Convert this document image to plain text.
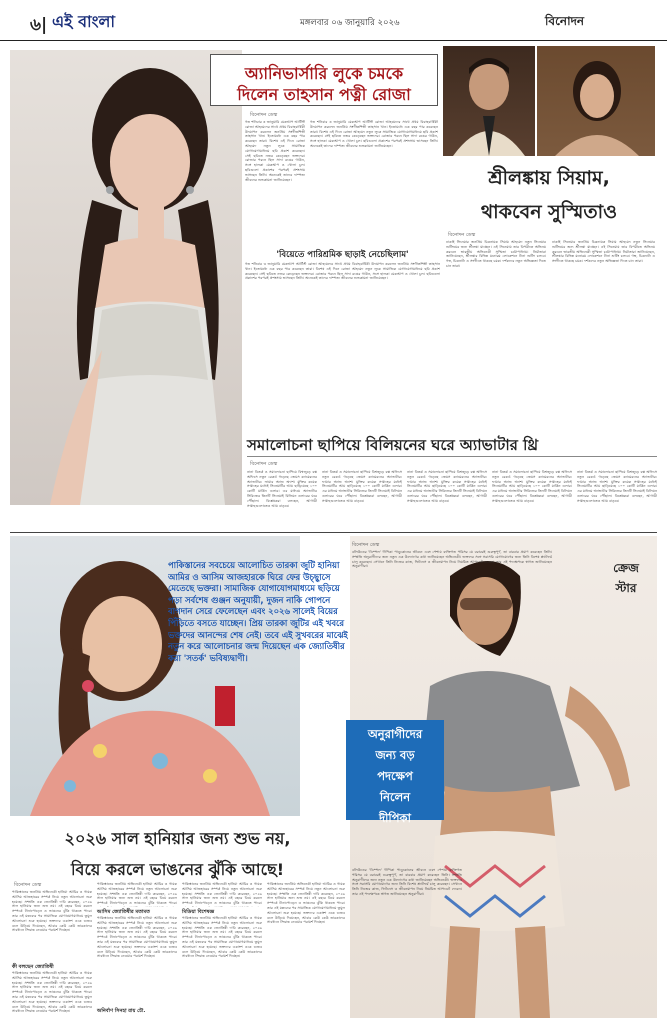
৬| এই বাংলা	মঙ্গলবার ০৬ জানুয়ারি ২০২৬	বিনোদন
অ্যানিভার্সারি লুকে চমকে
দিলেন তাহসান পত্নী রোজা
বিনোদন ডেস্ক
গত শনিবার ৩ জানুয়ারি মেকআপ আর্টিস্ট রোজা আহমেদের সাথে প্রথম বিবাহবার্ষিকী উদযাপন করলেন জনপ্রিয় সংগীতশিল্পী তাহসান খান। ইতোমধ্যে এক বছর পার করেছেন তারা। বিশেষ এই দিনে রোজা আহমেদ নতুন লুকে সামাজিক যোগাযোগমাধ্যমে ছবি প্রকাশ করেছেন। সেই ছবিতে নজর কেড়েছেন ভক্তদের। রোজার পরনে ছিল সাদা রঙের গাউন, সঙ্গে হালকা মেকআপ ও খোলা চুল। ছবিগুলো প্রকাশের পরপরই প্রশংসায় ভাসছেন তিনি। অনেকেই তাদের দাম্পত্য জীবনের শুভকামনা জানিয়েছেন।
গত শনিবার ৩ জানুয়ারি মেকআপ আর্টিস্ট রোজা আহমেদের সাথে প্রথম বিবাহবার্ষিকী উদযাপন করলেন জনপ্রিয় সংগীতশিল্পী তাহসান খান। ইতোমধ্যে এক বছর পার করেছেন তারা। বিশেষ এই দিনে রোজা আহমেদ নতুন লুকে সামাজিক যোগাযোগমাধ্যমে ছবি প্রকাশ করেছেন। সেই ছবিতে নজর কেড়েছেন ভক্তদের। রোজার পরনে ছিল সাদা রঙের গাউন, সঙ্গে হালকা মেকআপ ও খোলা চুল। ছবিগুলো প্রকাশের পরপরই প্রশংসায় ভাসছেন তিনি। অনেকেই তাদের দাম্পত্য জীবনের শুভকামনা জানিয়েছেন।
'বিয়েতে পারিশ্রমিক ছাড়াই নেচেছিলাম'
গত শনিবার ৩ জানুয়ারি মেকআপ আর্টিস্ট রোজা আহমেদের সাথে প্রথম বিবাহবার্ষিকী উদযাপন করলেন জনপ্রিয় সংগীতশিল্পী তাহসান খান। ইতোমধ্যে এক বছর পার করেছেন তারা। বিশেষ এই দিনে রোজা আহমেদ নতুন লুকে সামাজিক যোগাযোগমাধ্যমে ছবি প্রকাশ করেছেন। সেই ছবিতে নজর কেড়েছেন ভক্তদের। রোজার পরনে ছিল সাদা রঙের গাউন, সঙ্গে হালকা মেকআপ ও খোলা চুল। ছবিগুলো প্রকাশের পরপরই প্রশংসায় ভাসছেন তিনি। অনেকেই তাদের দাম্পত্য জীবনের শুভকামনা জানিয়েছেন।
শ্রীলঙ্কায় সিয়াম,
থাকবেন সুস্মিতাও
বিনোদন ডেস্ক
ঢাকাই সিনেমার জনপ্রিয় চিত্রনায়ক সিয়াম আহমেদ নতুন সিনেমার শুটিংয়ের জন্য শ্রীলঙ্কা যাচ্ছেন। এই সিনেমায় তার বিপরীতে অভিনয় করবেন ভারতীয় অভিনেত্রী সুস্মিতা চট্টোপাধ্যায়। নির্মাতারা জানিয়েছেন, শ্রীলঙ্কার বিভিন্ন মনোরম লোকেশনে টানা শুটিং চলবে। গল্প, চিত্রনাট্য ও সংগীতে থাকছে চমক। দর্শকদের নতুন অভিজ্ঞতা দিতে চান তারা।
ঢাকাই সিনেমার জনপ্রিয় চিত্রনায়ক সিয়াম আহমেদ নতুন সিনেমার শুটিংয়ের জন্য শ্রীলঙ্কা যাচ্ছেন। এই সিনেমায় তার বিপরীতে অভিনয় করবেন ভারতীয় অভিনেত্রী সুস্মিতা চট্টোপাধ্যায়। নির্মাতারা জানিয়েছেন, শ্রীলঙ্কার বিভিন্ন মনোরম লোকেশনে টানা শুটিং চলবে। গল্প, চিত্রনাট্য ও সংগীতে থাকছে চমক। দর্শকদের নতুন অভিজ্ঞতা দিতে চান তারা।
সমালোচনা ছাপিয়ে বিলিয়নের ঘরে অ্যাভাটার থ্রি
বিনোদন ডেস্ক
নানা বিতর্ক ও সমালোচনা ছাপিয়ে বিশ্বজুড়ে বক্স অফিসে নতুন রেকর্ড গড়েছে জেমস ক্যামেরনের অ্যাভাটার: ফায়ার অ্যান্ড অ্যাশ। মুক্তির কয়েক সপ্তাহের মধ্যেই সিনেমাটির আয় ছাড়িয়েছে ১০০ কোটি মার্কিন ডলার। এর মাধ্যমে অ্যাভাটার সিরিজের তিনটি সিনেমাই বিলিয়ন ডলারের ঘরে পৌঁছাল। বিশ্লেষকরা বলছেন, আগামী সপ্তাহগুলোতেও আয় বাড়বে।
নানা বিতর্ক ও সমালোচনা ছাপিয়ে বিশ্বজুড়ে বক্স অফিসে নতুন রেকর্ড গড়েছে জেমস ক্যামেরনের অ্যাভাটার: ফায়ার অ্যান্ড অ্যাশ। মুক্তির কয়েক সপ্তাহের মধ্যেই সিনেমাটির আয় ছাড়িয়েছে ১০০ কোটি মার্কিন ডলার। এর মাধ্যমে অ্যাভাটার সিরিজের তিনটি সিনেমাই বিলিয়ন ডলারের ঘরে পৌঁছাল। বিশ্লেষকরা বলছেন, আগামী সপ্তাহগুলোতেও আয় বাড়বে।
নানা বিতর্ক ও সমালোচনা ছাপিয়ে বিশ্বজুড়ে বক্স অফিসে নতুন রেকর্ড গড়েছে জেমস ক্যামেরনের অ্যাভাটার: ফায়ার অ্যান্ড অ্যাশ। মুক্তির কয়েক সপ্তাহের মধ্যেই সিনেমাটির আয় ছাড়িয়েছে ১০০ কোটি মার্কিন ডলার। এর মাধ্যমে অ্যাভাটার সিরিজের তিনটি সিনেমাই বিলিয়ন ডলারের ঘরে পৌঁছাল। বিশ্লেষকরা বলছেন, আগামী সপ্তাহগুলোতেও আয় বাড়বে।
নানা বিতর্ক ও সমালোচনা ছাপিয়ে বিশ্বজুড়ে বক্স অফিসে নতুন রেকর্ড গড়েছে জেমস ক্যামেরনের অ্যাভাটার: ফায়ার অ্যান্ড অ্যাশ। মুক্তির কয়েক সপ্তাহের মধ্যেই সিনেমাটির আয় ছাড়িয়েছে ১০০ কোটি মার্কিন ডলার। এর মাধ্যমে অ্যাভাটার সিরিজের তিনটি সিনেমাই বিলিয়ন ডলারের ঘরে পৌঁছাল। বিশ্লেষকরা বলছেন, আগামী সপ্তাহগুলোতেও আয় বাড়বে।
নানা বিতর্ক ও সমালোচনা ছাপিয়ে বিশ্বজুড়ে বক্স অফিসে নতুন রেকর্ড গড়েছে জেমস ক্যামেরনের অ্যাভাটার: ফায়ার অ্যান্ড অ্যাশ। মুক্তির কয়েক সপ্তাহের মধ্যেই সিনেমাটির আয় ছাড়িয়েছে ১০০ কোটি মার্কিন ডলার। এর মাধ্যমে অ্যাভাটার সিরিজের তিনটি সিনেমাই বিলিয়ন ডলারের ঘরে পৌঁছাল। বিশ্লেষকরা বলছেন, আগামী সপ্তাহগুলোতেও আয় বাড়বে।
পাকিস্তানের সবচেয়ে আলোচিত তারকা জুটি হানিয়া আমির ও আসিম আজহারকে ঘিরে ফের উচ্ছ্বাসে মেতেছে ভক্তরা। সামাজিক যোগাযোগমাধ্যমে ছড়িয়ে পড়া সর্বশেষ গুঞ্জন অনুযায়ী, দুজন নাকি গোপনে বাগদান সেরে ফেলেছেন এবং ২০২৬ সালেই বিয়ের পিঁড়িতে বসতে যাচ্ছেন। প্রিয় তারকা জুটির এই খবরে ভক্তদের আনন্দের শেষ নেই। তবে এই সুখবরের মাঝেই নতুন করে আলোচনার জন্ম দিয়েছেন এক জ্যোতিষীর করা 'সতর্ক' ভবিষ্যদ্বাণী।
২০২৬ সাল হানিয়ার জন্য শুভ নয়,
বিয়ে করলে ভাঙনের ঝুঁকি আছে!
বিনোদন ডেস্ক
পাকিস্তানের জনপ্রিয় অভিনেত্রী হানিয়া আমির ও গায়ক আসিম আজহারের সম্পর্ক নিয়ে নতুন আলোচনা শুরু হয়েছে। সম্প্রতি এক জ্যোতিষী দাবি করেছেন, ২০২৬ সাল হানিয়ার জন্য শুভ নয়। এই বছরে বিয়ে করলে সম্পর্কে টানাপোড়েন ও ভাঙনের ঝুঁকি থাকতে পারে। তার এই মন্তব্যের পর সামাজিক যোগাযোগমাধ্যমে তুমুল আলোচনা শুরু হয়েছে। ভক্তদের একাংশ একে গুজব বলে উড়িয়ে দিয়েছেন, আবার কেউ কেউ তারকাদের সাবধানে সিদ্ধান্ত নেওয়ার পরামর্শ দিচ্ছেন।
কী বলছেন জ্যোতিষী
পাকিস্তানের জনপ্রিয় অভিনেত্রী হানিয়া আমির ও গায়ক আসিম আজহারের সম্পর্ক নিয়ে নতুন আলোচনা শুরু হয়েছে। সম্প্রতি এক জ্যোতিষী দাবি করেছেন, ২০২৬ সাল হানিয়ার জন্য শুভ নয়। এই বছরে বিয়ে করলে সম্পর্কে টানাপোড়েন ও ভাঙনের ঝুঁকি থাকতে পারে। তার এই মন্তব্যের পর সামাজিক যোগাযোগমাধ্যমে তুমুল আলোচনা শুরু হয়েছে। ভক্তদের একাংশ একে গুজব বলে উড়িয়ে দিয়েছেন, আবার কেউ কেউ তারকাদের সাবধানে সিদ্ধান্ত নেওয়ার পরামর্শ দিচ্ছেন।
পাকিস্তানের জনপ্রিয় অভিনেত্রী হানিয়া আমির ও গায়ক আসিম আজহারের সম্পর্ক নিয়ে নতুন আলোচনা শুরু হয়েছে। সম্প্রতি এক জ্যোতিষী দাবি করেছেন, ২০২৬ সাল হানিয়ার জন্য শুভ নয়। এই বছরে বিয়ে করলে সম্পর্কে টানাপোড়েন ও ভাঙনের ঝুঁকি থাকতে পারে।
আসিম জ্যোতিষীর মতামত
পাকিস্তানের জনপ্রিয় অভিনেত্রী হানিয়া আমির ও গায়ক আসিম আজহারের সম্পর্ক নিয়ে নতুন আলোচনা শুরু হয়েছে। সম্প্রতি এক জ্যোতিষী দাবি করেছেন, ২০২৬ সাল হানিয়ার জন্য শুভ নয়। এই বছরে বিয়ে করলে সম্পর্কে টানাপোড়েন ও ভাঙনের ঝুঁকি থাকতে পারে। তার এই মন্তব্যের পর সামাজিক যোগাযোগমাধ্যমে তুমুল আলোচনা শুরু হয়েছে। ভক্তদের একাংশ একে গুজব বলে উড়িয়ে দিয়েছেন, আবার কেউ কেউ তারকাদের সাবধানে সিদ্ধান্ত নেওয়ার পরামর্শ দিচ্ছেন।
অনির্বাণ সিনহা রায় চৌ.
পাকিস্তানের জনপ্রিয় অভিনেত্রী হানিয়া আমির ও গায়ক আসিম আজহারের সম্পর্ক নিয়ে নতুন আলোচনা শুরু হয়েছে। সম্প্রতি এক জ্যোতিষী দাবি করেছেন, ২০২৬ সাল হানিয়ার জন্য শুভ নয়। এই বছরে বিয়ে করলে সম্পর্কে টানাপোড়েন ও ভাঙনের ঝুঁকি থাকতে পারে।
মিডিয়া বিশেষজ্ঞ
পাকিস্তানের জনপ্রিয় অভিনেত্রী হানিয়া আমির ও গায়ক আসিম আজহারের সম্পর্ক নিয়ে নতুন আলোচনা শুরু হয়েছে। সম্প্রতি এক জ্যোতিষী দাবি করেছেন, ২০২৬ সাল হানিয়ার জন্য শুভ নয়। এই বছরে বিয়ে করলে সম্পর্কে টানাপোড়েন ও ভাঙনের ঝুঁকি থাকতে পারে। তার এই মন্তব্যের পর সামাজিক যোগাযোগমাধ্যমে তুমুল আলোচনা শুরু হয়েছে। ভক্তদের একাংশ একে গুজব বলে উড়িয়ে দিয়েছেন, আবার কেউ কেউ তারকাদের সাবধানে সিদ্ধান্ত নেওয়ার পরামর্শ দিচ্ছেন।
পাকিস্তানের জনপ্রিয় অভিনেত্রী হানিয়া আমির ও গায়ক আসিম আজহারের সম্পর্ক নিয়ে নতুন আলোচনা শুরু হয়েছে। সম্প্রতি এক জ্যোতিষী দাবি করেছেন, ২০২৬ সাল হানিয়ার জন্য শুভ নয়। এই বছরে বিয়ে করলে সম্পর্কে টানাপোড়েন ও ভাঙনের ঝুঁকি থাকতে পারে। তার এই মন্তব্যের পর সামাজিক যোগাযোগমাধ্যমে তুমুল আলোচনা শুরু হয়েছে। ভক্তদের একাংশ একে গুজব বলে উড়িয়ে দিয়েছেন, আবার কেউ কেউ তারকাদের সাবধানে সিদ্ধান্ত নেওয়ার পরামর্শ দিচ্ছেন।
ক্রেজ
স্টার
বিনোদন ডেস্ক
বলিউডের 'ডিম্পল' দীপিকা পাড়ুকোনের জীবনে এবং পেশায় ব্যক্তিগত পরিসর যে বরাবরই গুরুত্বপূর্ণ, তা বারবার প্রমাণ করেছেন তিনি। সম্প্রতি অনুরাগীদের জন্য নতুন এক উদ্যোগের কথা জানিয়েছেন অভিনেত্রী। ভক্তদের সঙ্গে সরাসরি যোগাযোগের জন্য তিনি বিশেষ প্ল্যাটফর্ম চালু করেছেন। সেখানে তিনি নিজের কাজ, ফিটনেস ও জীবনযাপন নিয়ে নিয়মিত আপডেট দেবেন। তার এই পদক্ষেপকে স্বাগত জানিয়েছেন অনুরাগীরা।
অনুরাগীদের
জন্য বড়
পদক্ষেপ
নিলেন
দীপিকা
বলিউডের 'ডিম্পল' দীপিকা পাড়ুকোনের জীবনে এবং পেশায় ব্যক্তিগত পরিসর যে বরাবরই গুরুত্বপূর্ণ, তা বারবার প্রমাণ করেছেন তিনি। সম্প্রতি অনুরাগীদের জন্য নতুন এক উদ্যোগের কথা জানিয়েছেন অভিনেত্রী। ভক্তদের সঙ্গে সরাসরি যোগাযোগের জন্য তিনি বিশেষ প্ল্যাটফর্ম চালু করেছেন। সেখানে তিনি নিজের কাজ, ফিটনেস ও জীবনযাপন নিয়ে নিয়মিত আপডেট দেবেন। তার এই পদক্ষেপকে স্বাগত জানিয়েছেন অনুরাগীরা।
